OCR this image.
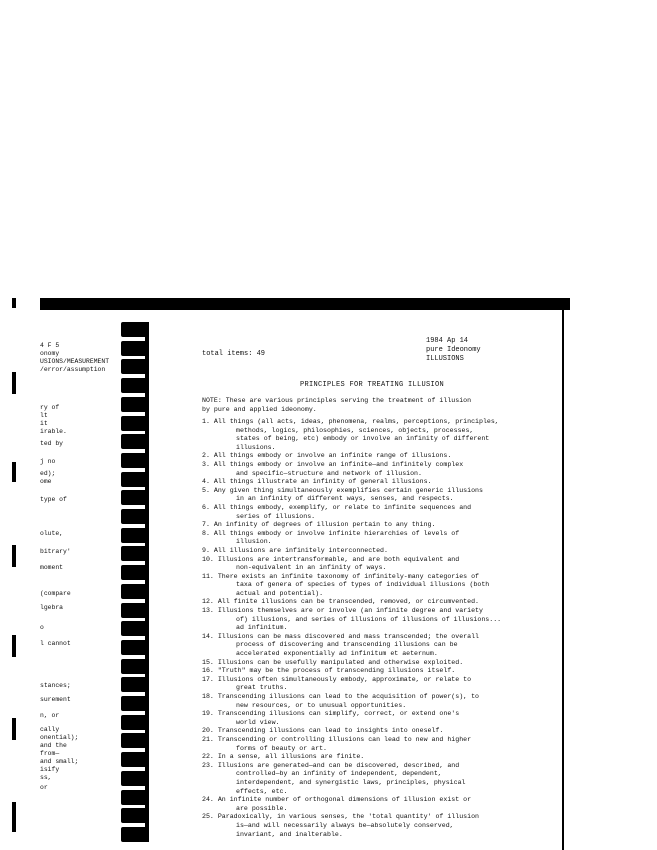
4 F 5
onomy
USIONS/MEASUREMENT
/error/assumption
ry of
lt
it
irable.
ted by
j no
ed);
ome
type of
olute,
bitrary'
moment
(compare
lgebra
o
l cannot
stances;
surement
n, or
cally
onential);
and the
from—
and small;
isify
ss,
or
1984 Ap 14
pure Ideonomy
ILLUSIONS
total items: 49
PRINCIPLES FOR TREATING ILLUSION
NOTE: These are various principles serving the treatment of illusion
by pure and applied ideonomy.
1. All things (all acts, ideas, phenomena, realms, perceptions, principles,
methods, logics, philosophies, sciences, objects, processes,
states of being, etc) embody or involve an infinity of different
illusions.
2. All things embody or involve an infinite range of illusions.
3. All things embody or involve an infinite—and infinitely complex
and specific—structure and network of illusion.
4. All things illustrate an infinity of general illusions.
5. Any given thing simultaneously exemplifies certain generic illusions
in an infinity of different ways, senses, and respects.
6. All things embody, exemplify, or relate to infinite sequences and
series of illusions.
7. An infinity of degrees of illusion pertain to any thing.
8. All things embody or involve infinite hierarchies of levels of
illusion.
9. All illusions are infinitely interconnected.
10. Illusions are intertransformable, and are both equivalent and
non-equivalent in an infinity of ways.
11. There exists an infinite taxonomy of infinitely-many categories of
taxa of genera of species of types of individual illusions (both
actual and potential).
12. All finite illusions can be transcended, removed, or circumvented.
13. Illusions themselves are or involve (an infinite degree and variety
of) illusions, and series of illusions of illusions of illusions...
ad infinitum.
14. Illusions can be mass discovered and mass transcended; the overall
process of discovering and transcending illusions can be
accelerated exponentially ad infinitum et aeternum.
15. Illusions can be usefully manipulated and otherwise exploited.
16. "Truth" may be the process of transcending illusions itself.
17. Illusions often simultaneously embody, approximate, or relate to
great truths.
18. Transcending illusions can lead to the acquisition of power(s), to
new resources, or to unusual opportunities.
19. Transcending illusions can simplify, correct, or extend one's
world view.
20. Transcending illusions can lead to insights into oneself.
21. Transcending or controlling illusions can lead to new and higher
forms of beauty or art.
22. In a sense, all illusions are finite.
23. Illusions are generated—and can be discovered, described, and
controlled—by an infinity of independent, dependent,
interdependent, and synergistic laws, principles, physical
effects, etc.
24. An infinite number of orthogonal dimensions of illusion exist or
are possible.
25. Paradoxically, in various senses, the 'total quantity' of illusion
is—and will necessarily always be—absolutely conserved,
invariant, and inalterable.
